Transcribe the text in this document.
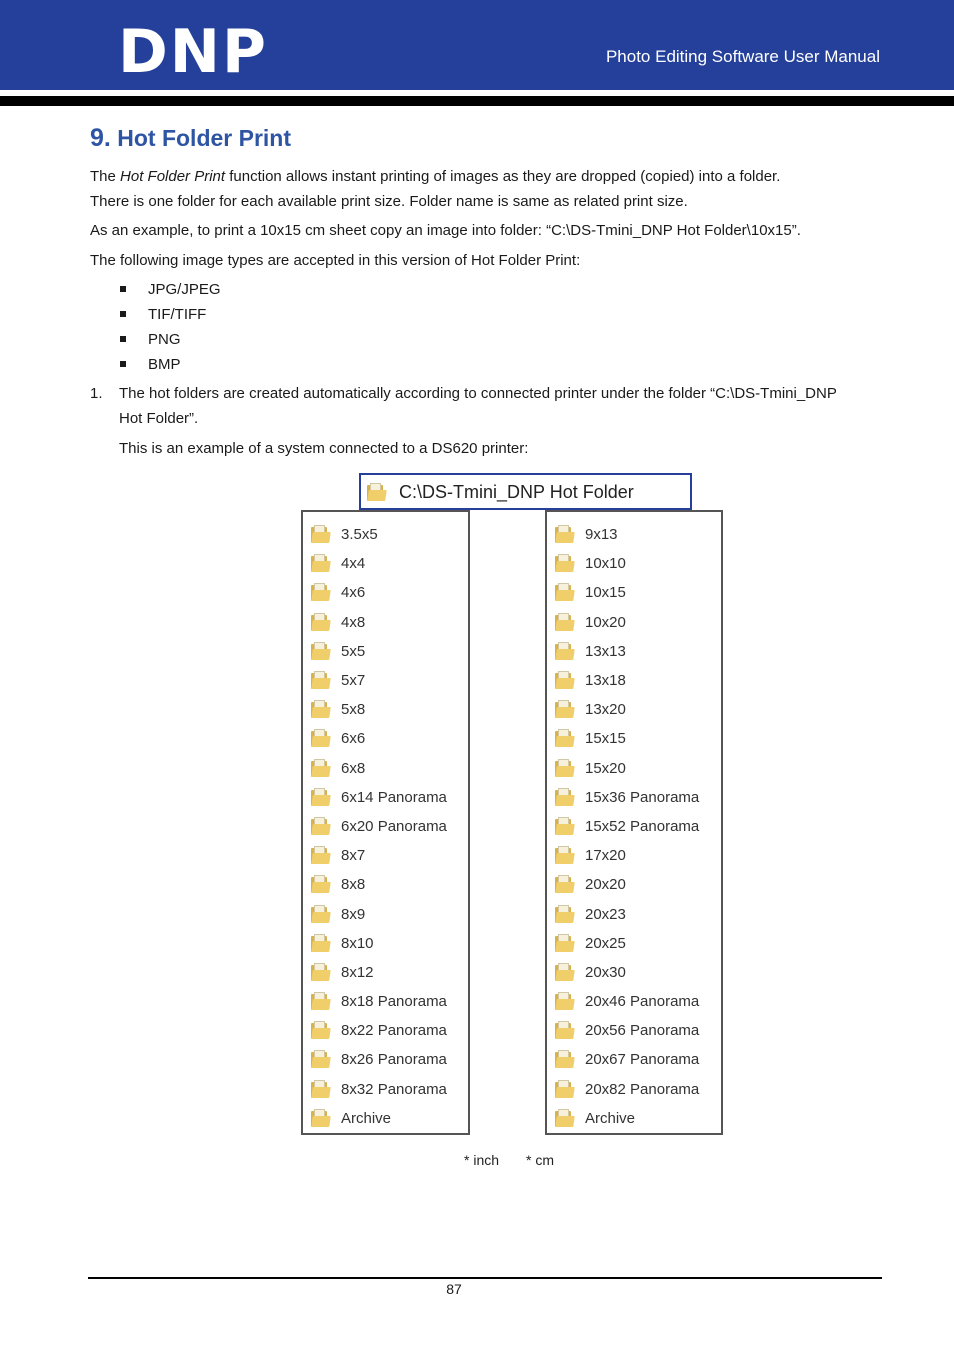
DNP	Photo Editing Software User Manual
9. Hot Folder Print

The Hot Folder Print function allows instant printing of images as they are dropped (copied) into a folder.
There is one folder for each available print size. Folder name is same as related print size.

As an example, to print a 10x15 cm sheet copy an image into folder: “C:\DS-Tmini_DNP Hot Folder\10x15”.

The following image types are accepted in this version of Hot Folder Print:

JPG/JPEG
TIF/TIFF
PNG
BMP
1. The hot folders are created automatically according to connected printer under the folder “C:\DS-Tmini_DNP Hot Folder”.

This is an example of a system connected to a DS620 printer:

C:\DS-Tmini_DNP Hot Folder
3.5x5
4x4
4x6
4x8
5x5
5x7
5x8
6x6
6x8
6x14 Panorama
6x20 Panorama
8x7
8x8
8x9
8x10
8x12
8x18 Panorama
8x22 Panorama
8x26 Panorama
8x32 Panorama
Archive
9x13
10x10
10x15
10x20
13x13
13x18
13x20
15x15
15x20
15x36 Panorama
15x52 Panorama
17x20
20x20
20x23
20x25
20x30
20x46 Panorama
20x56 Panorama
20x67 Panorama
20x82 Panorama
Archive
* inch * cm
87
